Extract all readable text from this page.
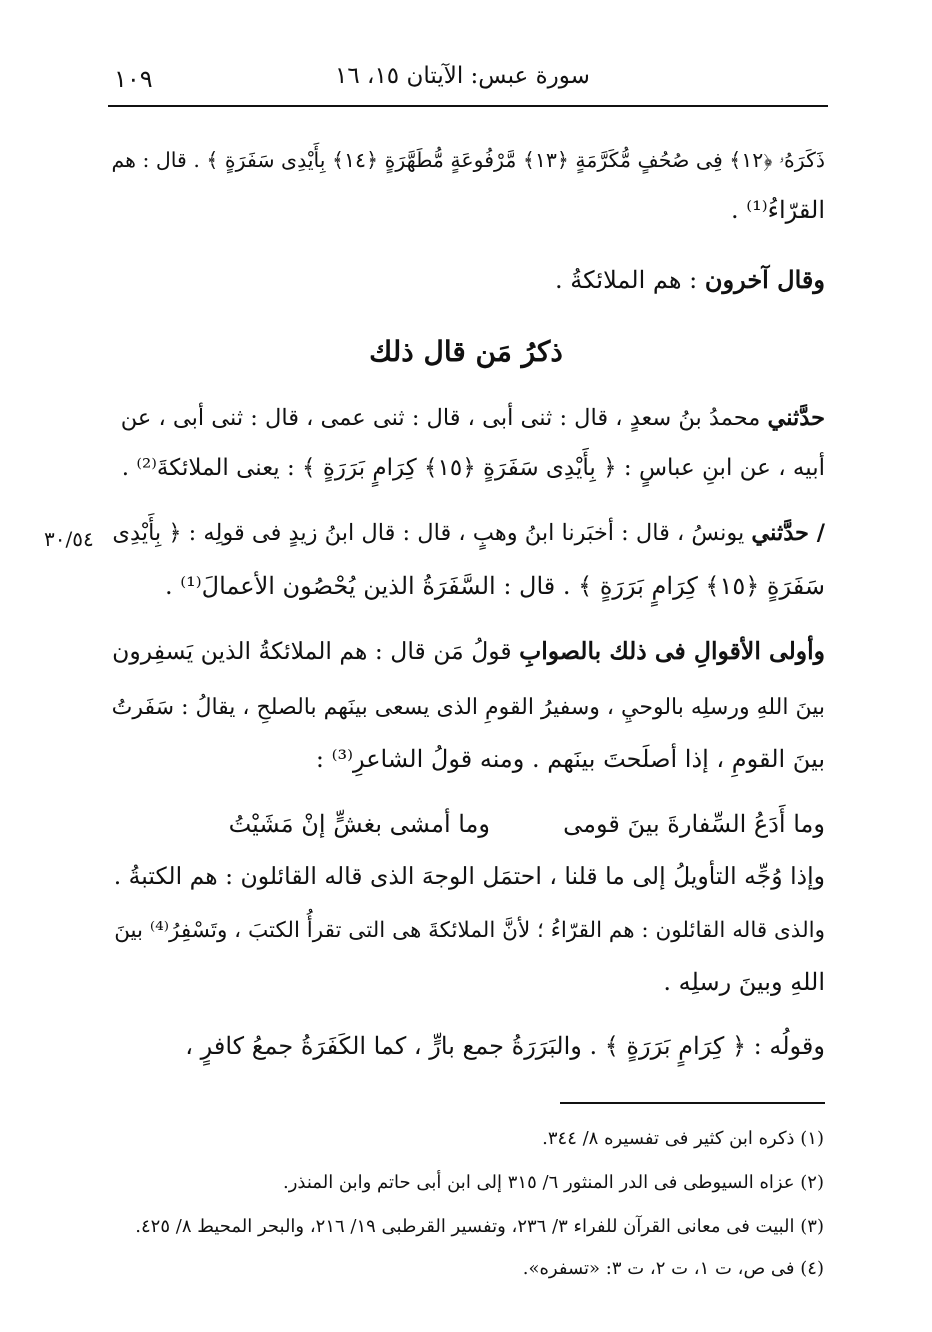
١٠٩	سورة عبس: الآيتان ١٥، ١٦
ذَكَرَهُۥ ﴿١٢﴾ فِى صُحُفٍ مُّكَرَّمَةٍ ﴿١٣﴾ مَّرْفُوعَةٍ مُّطَهَّرَةٍ ﴿١٤﴾ بِأَيْدِى سَفَرَةٍ ﴾ . قال : هم
القرّاءُ⁽¹⁾ .
وقال آخرون : هم الملائكةُ .
حدَّثني محمدُ بنُ سعدٍ ، قال : ثنى أبى ، قال : ثنى عمى ، قال : ثنى أبى ، عن
أبيه ، عن ابنِ عباسٍ : ﴿ بِأَيْدِى سَفَرَةٍ ﴿١٥﴾ كِرَامٍ بَرَرَةٍ ﴾ : يعنى الملائكةَ⁽²⁾ .
/ حدَّثني يونسُ ، قال : أخبَرنا ابنُ وهبٍ ، قال : قال ابنُ زيدٍ فى قولِه : ﴿ بِأَيْدِى
سَفَرَةٍ ﴿١٥﴾ كِرَامٍ بَرَرَةٍ ﴾ . قال : السَّفَرَةُ الذين يُحْصُون الأعمالَ⁽¹⁾ .
وأولى الأقوالِ فى ذلك بالصوابِ قولُ مَن قال : هم الملائكةُ الذين يَسفِرون
بينَ اللهِ ورسلِه بالوحيِ ، وسفيرُ القومِ الذى يسعى بينَهم بالصلحِ ، يقالُ : سَفَرتُ
بينَ القومِ ، إذا أصلَحتَ بينَهم . ومنه قولُ الشاعرِ⁽³⁾ :
وما أَدَعُ السِّفارةَ بينَ قومى
وما أمشى بغشٍّ إنْ مَشَيْتُ
وإذا وُجِّه التأويلُ إلى ما قلنا ، احتمَل الوجهَ الذى قاله القائلون : هم الكتبةُ .
والذى قاله القائلون : هم القرّاءُ ؛ لأنَّ الملائكةَ هى التى تقرأُ الكتبَ ، وتَسْفِرُ⁽⁴⁾ بينَ
اللهِ وبينَ رسلِه .
وقولُه : ﴿ كِرَامٍ بَرَرَةٍ ﴾ . والبَرَرَةُ جمع بارٍّ ، كما الكَفَرَةُ جمعُ كافرٍ ،
ذكرُ مَن قال ذلك
٣٠/٥٤
(١) ذكره ابن كثير فى تفسيره ٨/ ٣٤٤.
(٢) عزاه السيوطى فى الدر المنثور ٦/ ٣١٥ إلى ابن أبى حاتم وابن المنذر.
(٣) البيت فى معانى القرآن للفراء ٣/ ٢٣٦، وتفسير القرطبى ١٩/ ٢١٦، والبحر المحيط ٨/ ٤٢٥.
(٤) فى ص، ت ١، ت ٢، ت ٣: «تسفره».
